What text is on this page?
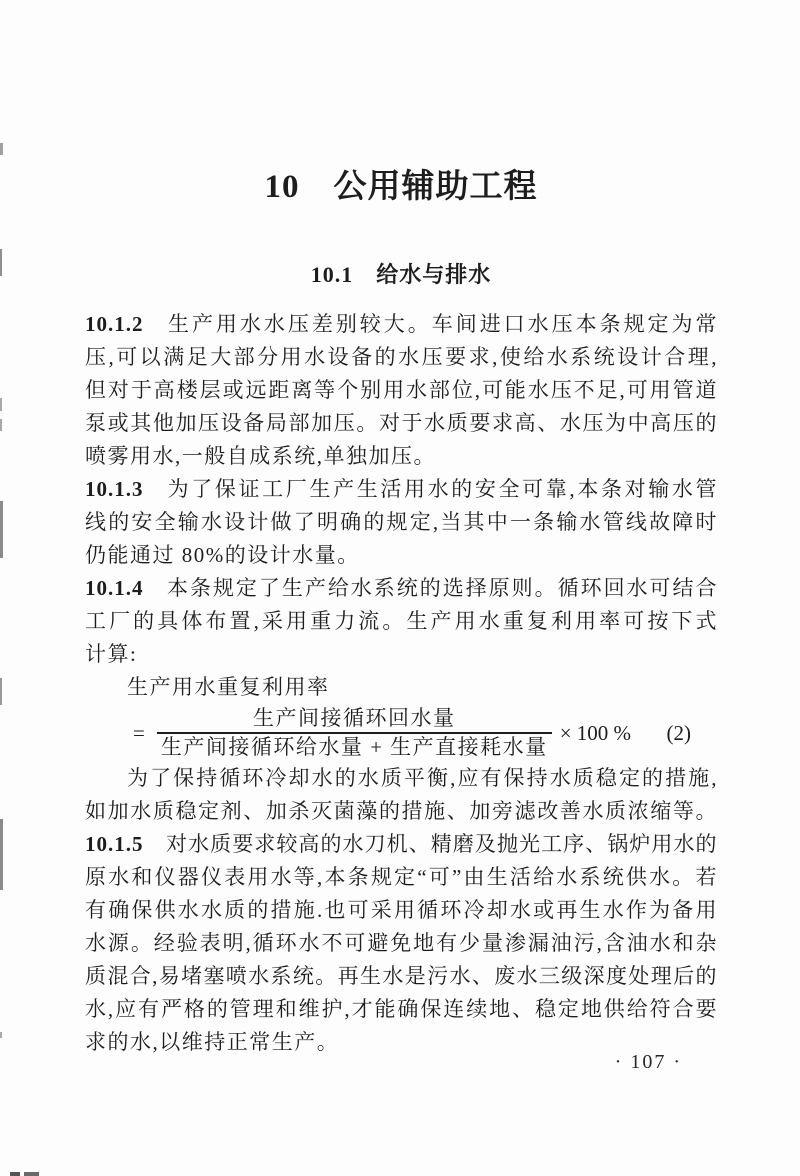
10　公用辅助工程
10.1　给水与排水
10.1.2 生产用水水压差别较大。车间进口水压本条规定为常
压,可以满足大部分用水设备的水压要求,使给水系统设计合理,
但对于高楼层或远距离等个别用水部位,可能水压不足,可用管道
泵或其他加压设备局部加压。对于水质要求高、水压为中高压的
喷雾用水,一般自成系统,单独加压。
10.1.3 为了保证工厂生产生活用水的安全可靠,本条对输水管
线的安全输水设计做了明确的规定,当其中一条输水管线故障时
仍能通过 80%的设计水量。
10.1.4 本条规定了生产给水系统的选择原则。循环回水可结合
工厂的具体布置,采用重力流。生产用水重复利用率可按下式
计算:
生产用水重复利用率
= $\frac{\text{生产间接循环回水量}}{\text{生产间接循环给水量 + 生产直接耗水量}} \times 100$ % (2)
为了保持循环冷却水的水质平衡,应有保持水质稳定的措施,
如加水质稳定剂、加杀灭菌藻的措施、加旁滤改善水质浓缩等。
10.1.5 对水质要求较高的水刀机、精磨及抛光工序、锅炉用水的
原水和仪器仪表用水等,本条规定“可”由生活给水系统供水。若
有确保供水水质的措施.也可采用循环冷却水或再生水作为备用
水源。经验表明,循环水不可避免地有少量渗漏油污,含油水和杂
质混合,易堵塞喷水系统。再生水是污水、废水三级深度处理后的
水,应有严格的管理和维护,才能确保连续地、稳定地供给符合要
求的水,以维持正常生产。
· 107 ·
